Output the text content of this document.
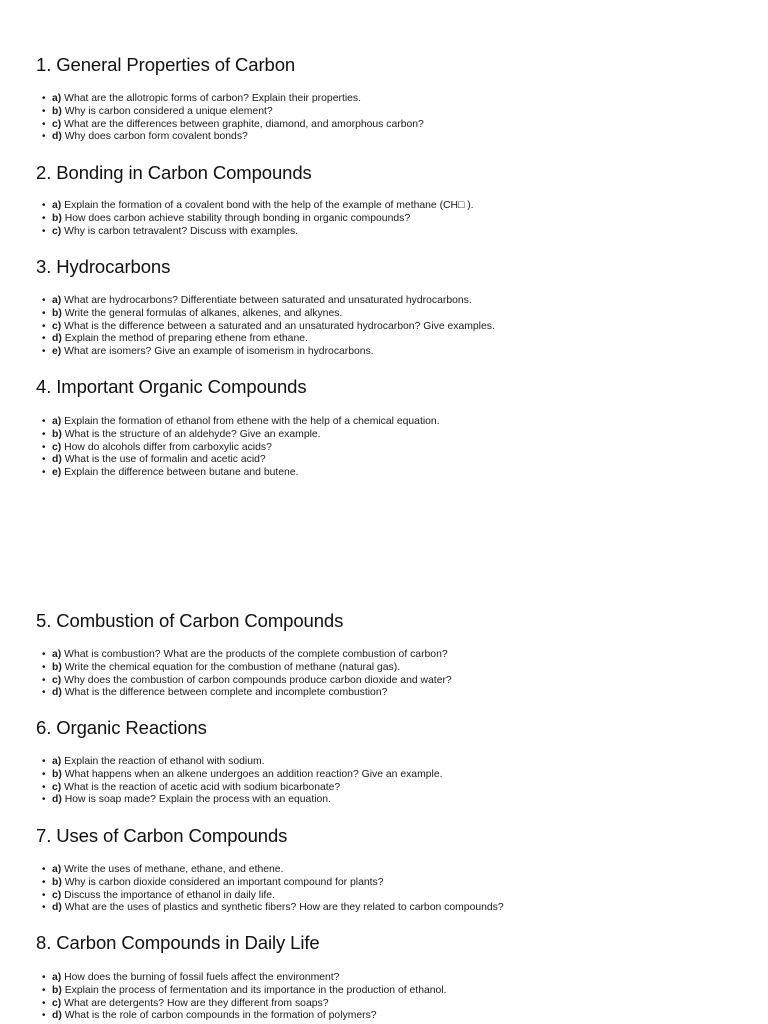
1. General Properties of Carbon
• a) What are the allotropic forms of carbon? Explain their properties.
• b) Why is carbon considered a unique element?
• c) What are the differences between graphite, diamond, and amorphous carbon?
• d) Why does carbon form covalent bonds?
2. Bonding in Carbon Compounds
• a) Explain the formation of a covalent bond with the help of the example of methane (CH□ ).
• b) How does carbon achieve stability through bonding in organic compounds?
• c) Why is carbon tetravalent? Discuss with examples.
3. Hydrocarbons
• a) What are hydrocarbons? Differentiate between saturated and unsaturated hydrocarbons.
• b) Write the general formulas of alkanes, alkenes, and alkynes.
• c) What is the difference between a saturated and an unsaturated hydrocarbon? Give examples.
• d) Explain the method of preparing ethene from ethane.
• e) What are isomers? Give an example of isomerism in hydrocarbons.
4. Important Organic Compounds
• a) Explain the formation of ethanol from ethene with the help of a chemical equation.
• b) What is the structure of an aldehyde? Give an example.
• c) How do alcohols differ from carboxylic acids?
• d) What is the use of formalin and acetic acid?
• e) Explain the difference between butane and butene.
5. Combustion of Carbon Compounds
• a) What is combustion? What are the products of the complete combustion of carbon?
• b) Write the chemical equation for the combustion of methane (natural gas).
• c) Why does the combustion of carbon compounds produce carbon dioxide and water?
• d) What is the difference between complete and incomplete combustion?
6. Organic Reactions
• a) Explain the reaction of ethanol with sodium.
• b) What happens when an alkene undergoes an addition reaction? Give an example.
• c) What is the reaction of acetic acid with sodium bicarbonate?
• d) How is soap made? Explain the process with an equation.
7. Uses of Carbon Compounds
• a) Write the uses of methane, ethane, and ethene.
• b) Why is carbon dioxide considered an important compound for plants?
• c) Discuss the importance of ethanol in daily life.
• d) What are the uses of plastics and synthetic fibers? How are they related to carbon compounds?
8. Carbon Compounds in Daily Life
• a) How does the burning of fossil fuels affect the environment?
• b) Explain the process of fermentation and its importance in the production of ethanol.
• c) What are detergents? How are they different from soaps?
• d) What is the role of carbon compounds in the formation of polymers?
